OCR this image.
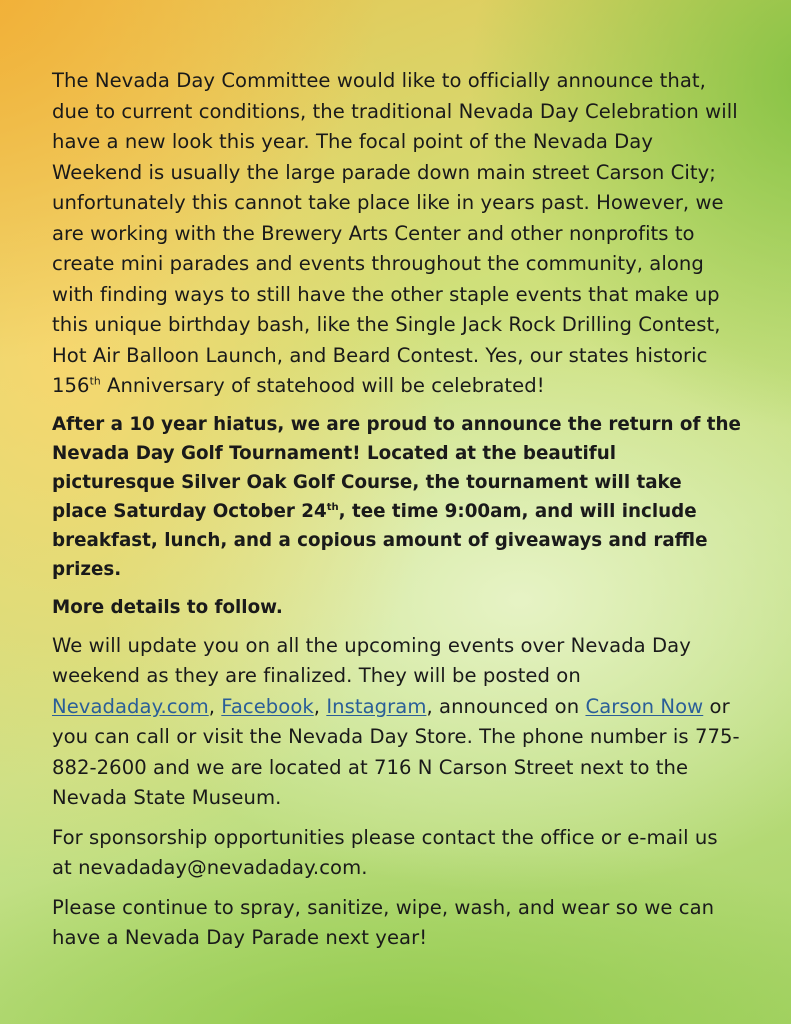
The Nevada Day Committee would like to officially announce that, due to current conditions, the traditional Nevada Day Celebration will have a new look this year. The focal point of the Nevada Day Weekend is usually the large parade down main street Carson City; unfortunately this cannot take place like in years past. However, we are working with the Brewery Arts Center and other nonprofits to create mini parades and events throughout the community, along with finding ways to still have the other staple events that make up this unique birthday bash, like the Single Jack Rock Drilling Contest, Hot Air Balloon Launch, and Beard Contest. Yes, our states historic 156th Anniversary of statehood will be celebrated!

After a 10 year hiatus, we are proud to announce the return of the Nevada Day Golf Tournament! Located at the beautiful picturesque Silver Oak Golf Course, the tournament will take place Saturday October 24th, tee time 9:00am, and will include breakfast, lunch, and a copious amount of giveaways and raffle prizes.

More details to follow.

We will update you on all the upcoming events over Nevada Day weekend as they are finalized. They will be posted on Nevadaday.com, Facebook, Instagram, announced on Carson Now or you can call or visit the Nevada Day Store. The phone number is 775-882-2600 and we are located at 716 N Carson Street next to the Nevada State Museum.

For sponsorship opportunities please contact the office or e-mail us at nevadaday@nevadaday.com.

Please continue to spray, sanitize, wipe, wash, and wear so we can have a Nevada Day Parade next year!
